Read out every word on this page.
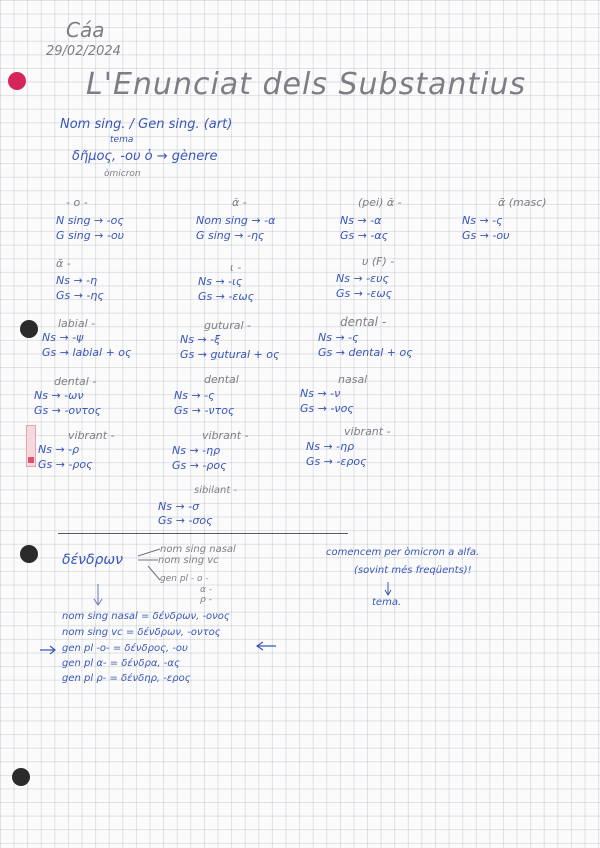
Cáa
29/02/2024
L'Enunciat dels Substantius
Nom sing. / Gen sing. (art)
tema
δῆμος, -ου ὁ → gènere
òmicron
- o -
N sing → -ος
G sing → -ου
ᾰ -
Nom sing → -α
G sing → -ης
(pei) ᾰ -
Ns → -α
Gs → -ας
ᾱ (masc)
Ns → -ς
Gs → -ου
ᾱ -
Ns → -η
Gs → -ης
ι -
Ns → -ις
Gs → -εως
υ (F) -
Ns → -ευς
Gs → -εως
labial -
Ns → -ψ
Gs → labial + ος
gutural -
Ns → -ξ
Gs → gutural + ος
dental -
Ns → -ς
Gs → dental + ος
dental -
Ns → -ων
Gs → -οντος
dental
Ns → -ς
Gs → -ντος
nasal
Ns → -ν
Gs → -νος
vibrant -
Ns → -ρ
Gs → -ρος
vibrant -
Ns → -ηρ
Gs → -ρος
vibrant -
Ns → -ηρ
Gs → -ερος
sibilant -
Ns → -σ
Gs → -σος
δένδρων
nom sing nasal
nom sing vc
gen pl - o -
α -
ρ -
nom sing nasal = δένδρων, -ονος
nom sing vc = δένδρων, -οντος
gen pl -o- = δένδρος, -ου
gen pl α- = δένδρα, -ας
gen pl ρ- = δένδηρ, -ερος
comencem per òmicron a alfa.
(sovint més freqüents)!
tema.
